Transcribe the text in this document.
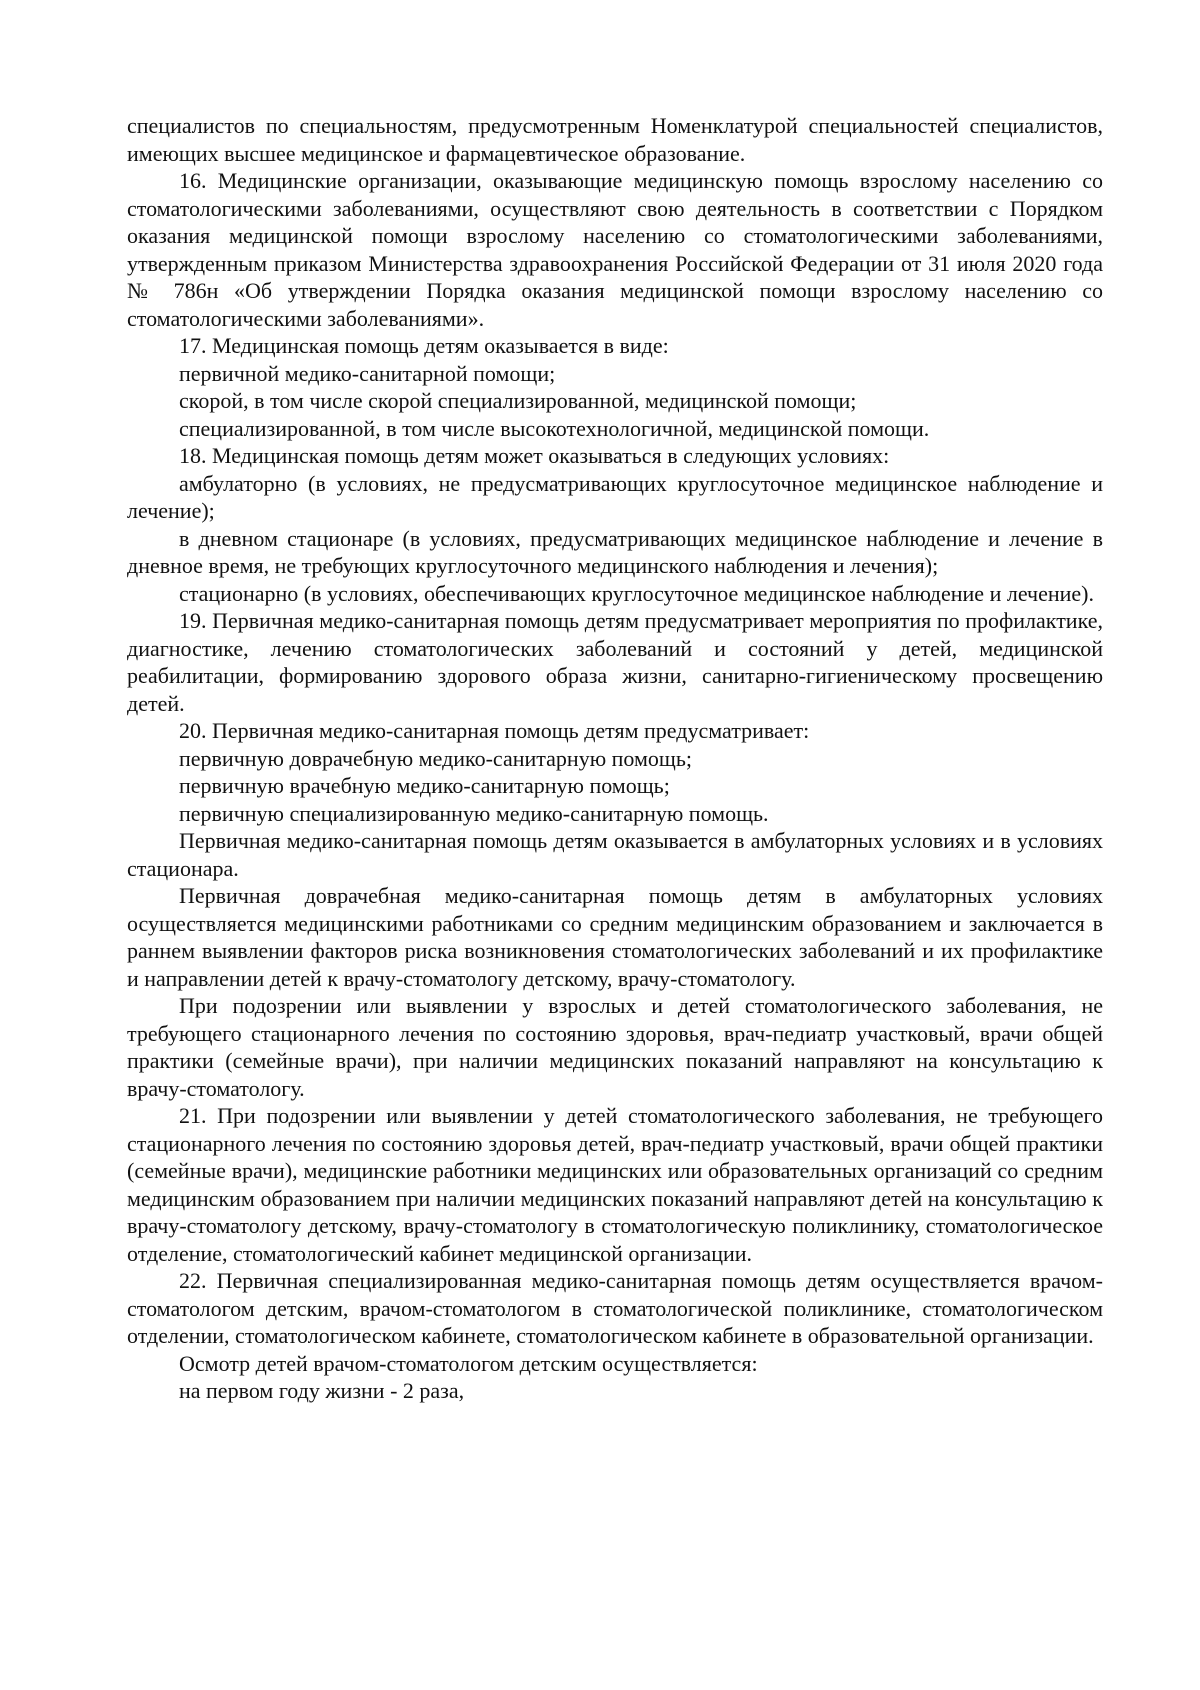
специалистов по специальностям, предусмотренным Номенклатурой специальностей специалистов, имеющих высшее медицинское и фармацевтическое образование.

16. Медицинские организации, оказывающие медицинскую помощь взрослому населению со стоматологическими заболеваниями, осуществляют свою деятельность в соответствии с Порядком оказания медицинской помощи взрослому населению со стоматологическими заболеваниями, утвержденным приказом Министерства здравоохранения Российской Федерации от 31 июля 2020 года № 786н «Об утверждении Порядка оказания медицинской помощи взрослому населению со стоматологическими заболеваниями».

17. Медицинская помощь детям оказывается в виде:

первичной медико-санитарной помощи;

скорой, в том числе скорой специализированной, медицинской помощи;

специализированной, в том числе высокотехнологичной, медицинской помощи.

18. Медицинская помощь детям может оказываться в следующих условиях:

амбулаторно (в условиях, не предусматривающих круглосуточное медицинское наблюдение и лечение);

в дневном стационаре (в условиях, предусматривающих медицинское наблюдение и лечение в дневное время, не требующих круглосуточного медицинского наблюдения и лечения);

стационарно (в условиях, обеспечивающих круглосуточное медицинское наблюдение и лечение).

19. Первичная медико-санитарная помощь детям предусматривает мероприятия по профилактике, диагностике, лечению стоматологических заболеваний и состояний у детей, медицинской реабилитации, формированию здорового образа жизни, санитарно-гигиеническому просвещению детей.

20. Первичная медико-санитарная помощь детям предусматривает:

первичную доврачебную медико-санитарную помощь;

первичную врачебную медико-санитарную помощь;

первичную специализированную медико-санитарную помощь.

Первичная медико-санитарная помощь детям оказывается в амбулаторных условиях и в условиях стационара.

Первичная доврачебная медико-санитарная помощь детям в амбулаторных условиях осуществляется медицинскими работниками со средним медицинским образованием и заключается в раннем выявлении факторов риска возникновения стоматологических заболеваний и их профилактике и направлении детей к врачу-стоматологу детскому, врачу-стоматологу.

При подозрении или выявлении у взрослых и детей стоматологического заболевания, не требующего стационарного лечения по состоянию здоровья, врач-педиатр участковый, врачи общей практики (семейные врачи), при наличии медицинских показаний направляют на консультацию к врачу-стоматологу.

21. При подозрении или выявлении у детей стоматологического заболевания, не требующего стационарного лечения по состоянию здоровья детей, врач-педиатр участковый, врачи общей практики (семейные врачи), медицинские работники медицинских или образовательных организаций со средним медицинским образованием при наличии медицинских показаний направляют детей на консультацию к врачу-стоматологу детскому, врачу-стоматологу в стоматологическую поликлинику, стоматологическое отделение, стоматологический кабинет медицинской организации.

22. Первичная специализированная медико-санитарная помощь детям осуществляется врачом-стоматологом детским, врачом-стоматологом в стоматологической поликлинике, стоматологическом отделении, стоматологическом кабинете, стоматологическом кабинете в образовательной организации.

Осмотр детей врачом-стоматологом детским осуществляется:

на первом году жизни - 2 раза,
